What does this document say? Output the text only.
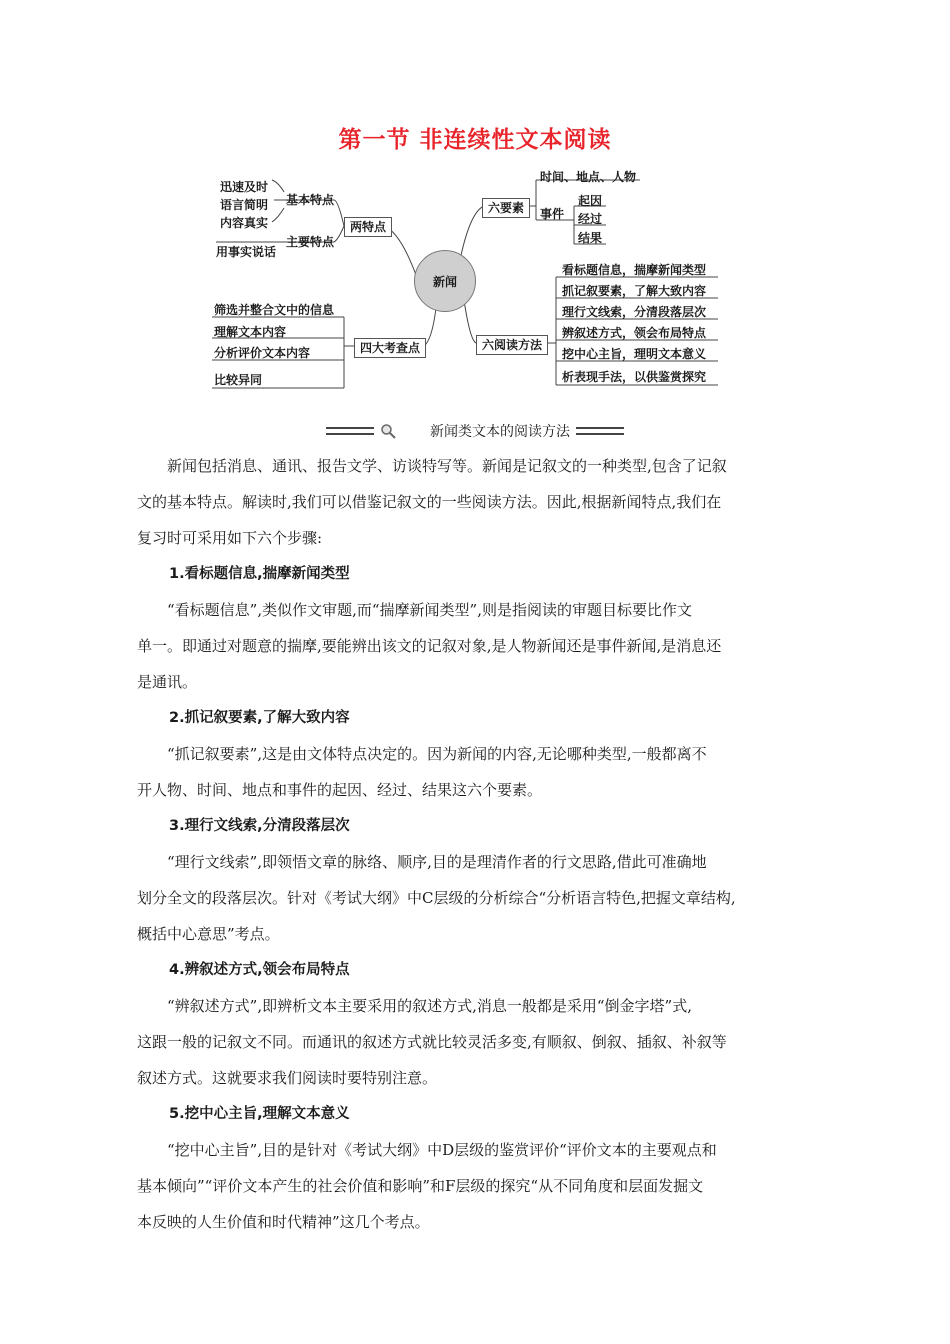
第一节 非连续性文本阅读
新闻
两特点
基本特点
主要特点
迅速及时
语言简明
内容真实
用事实说话
四大考查点
筛选并整合文中的信息
理解文本内容
分析评价文本内容
比较异同
六要素
时间、地点、人物
事件
起因
经过
结果
六阅读方法
看标题信息，揣摩新闻类型
抓记叙要素，了解大致内容
理行文线索，分清段落层次
辨叙述方式，领会布局特点
挖中心主旨，理明文本意义
析表现手法，以供鉴赏探究
新闻类文本的阅读方法

新闻包括消息、通讯、报告文学、访谈特写等。新闻是记叙文的一种类型,包含了记叙

文的基本特点。解读时,我们可以借鉴记叙文的一些阅读方法。因此,根据新闻特点,我们在

复习时可采用如下六个步骤:

1.看标题信息,揣摩新闻类型

“看标题信息”,类似作文审题,而“揣摩新闻类型”,则是指阅读的审题目标要比作文

单一。即通过对题意的揣摩,要能辨出该文的记叙对象,是人物新闻还是事件新闻,是消息还

是通讯。

2.抓记叙要素,了解大致内容

“抓记叙要素”,这是由文体特点决定的。因为新闻的内容,无论哪种类型,一般都离不

开人物、时间、地点和事件的起因、经过、结果这六个要素。

3.理行文线索,分清段落层次

“理行文线索”,即领悟文章的脉络、顺序,目的是理清作者的行文思路,借此可准确地

划分全文的段落层次。针对《考试大纲》中C层级的分析综合“分析语言特色,把握文章结构,

概括中心意思”考点。

4.辨叙述方式,领会布局特点

“辨叙述方式”,即辨析文本主要采用的叙述方式,消息一般都是采用“倒金字塔”式,

这跟一般的记叙文不同。而通讯的叙述方式就比较灵活多变,有顺叙、倒叙、插叙、补叙等

叙述方式。这就要求我们阅读时要特别注意。

5.挖中心主旨,理解文本意义

“挖中心主旨”,目的是针对《考试大纲》中D层级的鉴赏评价“评价文本的主要观点和

基本倾向”“评价文本产生的社会价值和影响”和F层级的探究“从不同角度和层面发掘文

本反映的人生价值和时代精神”这几个考点。
